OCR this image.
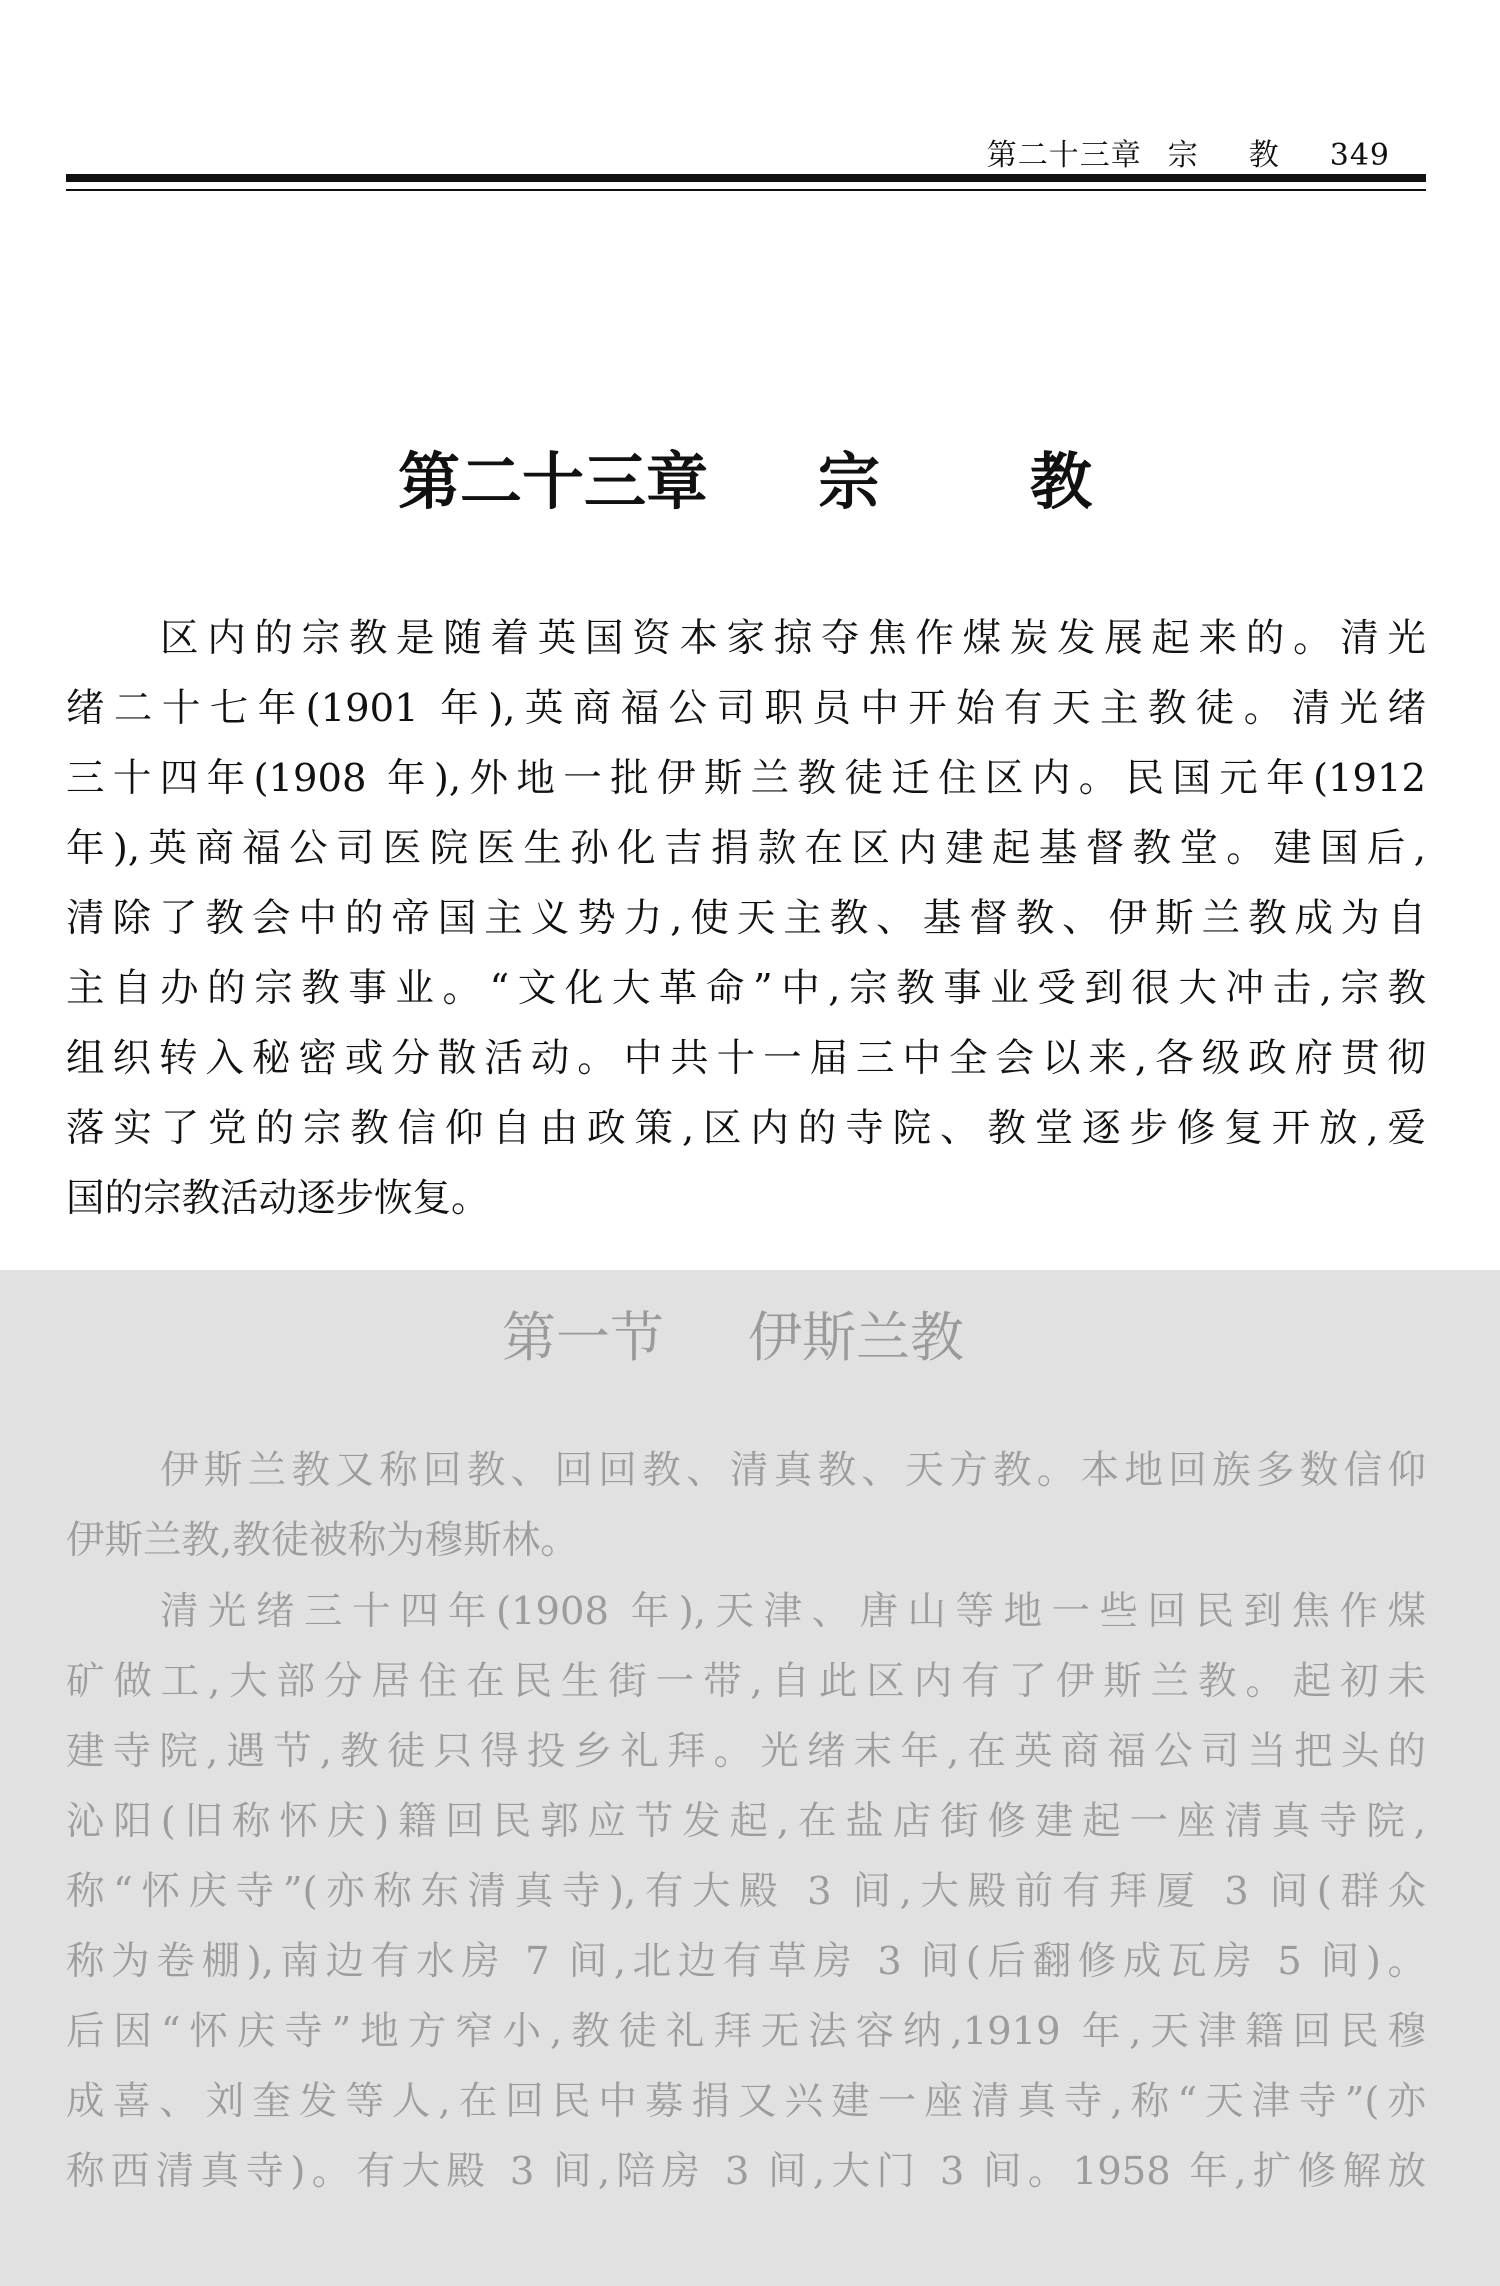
第二十三章 宗 教 349
第二十三章 宗 教
区内的宗教是随着英国资本家掠夺焦作煤炭发展起来的。清光
绪二十七年(1901 年),英商福公司职员中开始有天主教徒。清光绪
三十四年(1908 年),外地一批伊斯兰教徒迁住区内。民国元年(1912
年),英商福公司医院医生孙化吉捐款在区内建起基督教堂。建国后,
清除了教会中的帝国主义势力,使天主教、基督教、伊斯兰教成为自
主自办的宗教事业。“文化大革命”中,宗教事业受到很大冲击,宗教
组织转入秘密或分散活动。中共十一届三中全会以来,各级政府贯彻
落实了党的宗教信仰自由政策,区内的寺院、教堂逐步修复开放,爱
国的宗教活动逐步恢复。
第一节 伊斯兰教
伊斯兰教又称回教、回回教、清真教、天方教。本地回族多数信仰
伊斯兰教,教徒被称为穆斯林。
清光绪三十四年(1908 年),天津、唐山等地一些回民到焦作煤
矿做工,大部分居住在民生街一带,自此区内有了伊斯兰教。起初未
建寺院,遇节,教徒只得投乡礼拜。光绪末年,在英商福公司当把头的
沁阳(旧称怀庆)籍回民郭应节发起,在盐店街修建起一座清真寺院,
称“怀庆寺”(亦称东清真寺),有大殿 3 间,大殿前有拜厦 3 间(群众
称为卷棚),南边有水房 7 间,北边有草房 3 间(后翻修成瓦房 5 间)。
后因“怀庆寺”地方窄小,教徒礼拜无法容纳,1919 年,天津籍回民穆
成喜、刘奎发等人,在回民中募捐又兴建一座清真寺,称“天津寺”(亦
称西清真寺)。有大殿 3 间,陪房 3 间,大门 3 间。1958 年,扩修解放
